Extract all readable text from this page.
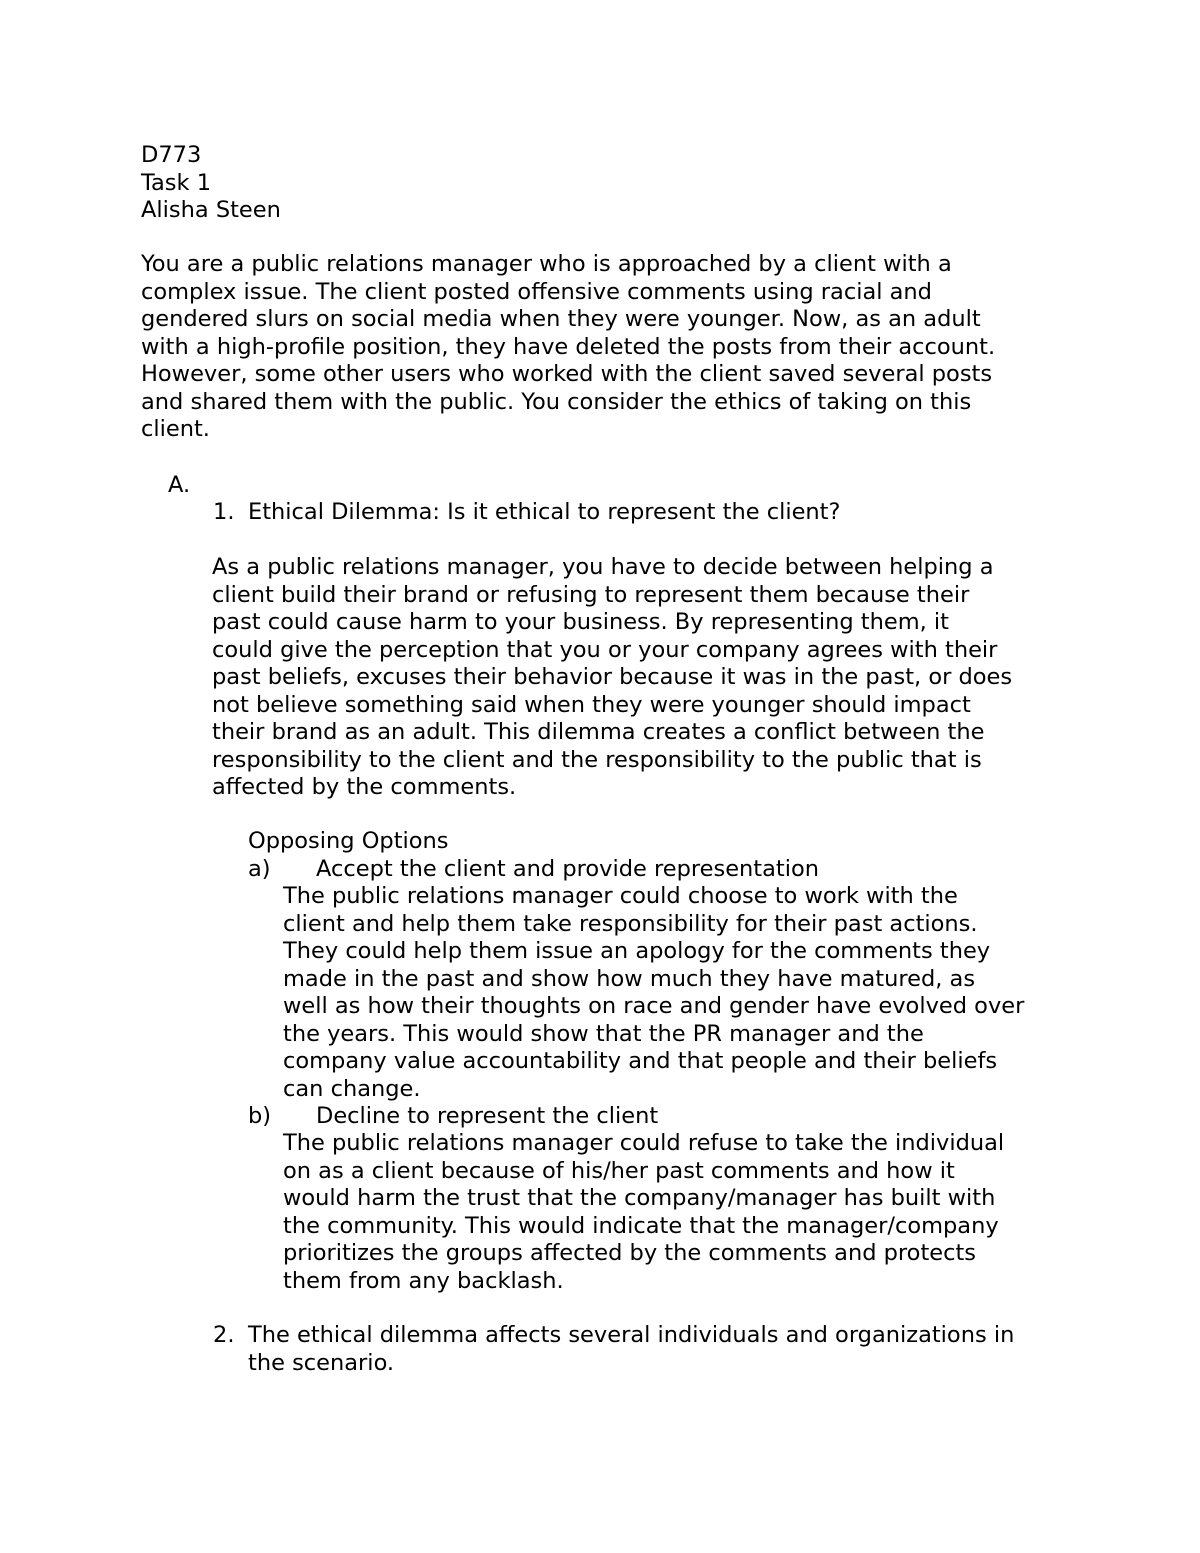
D773
Task 1
Alisha Steen
You are a public relations manager who is approached by a client with a
complex issue. The client posted offensive comments using racial and
gendered slurs on social media when they were younger. Now, as an adult
with a high-profile position, they have deleted the posts from their account.
However, some other users who worked with the client saved several posts
and shared them with the public. You consider the ethics of taking on this
client.
A.
1. Ethical Dilemma: Is it ethical to represent the client?
As a public relations manager, you have to decide between helping a
client build their brand or refusing to represent them because their
past could cause harm to your business. By representing them, it
could give the perception that you or your company agrees with their
past beliefs, excuses their behavior because it was in the past, or does
not believe something said when they were younger should impact
their brand as an adult. This dilemma creates a conflict between the
responsibility to the client and the responsibility to the public that is
affected by the comments.
Opposing Options
a) Accept the client and provide representation
The public relations manager could choose to work with the
client and help them take responsibility for their past actions.
They could help them issue an apology for the comments they
made in the past and show how much they have matured, as
well as how their thoughts on race and gender have evolved over
the years. This would show that the PR manager and the
company value accountability and that people and their beliefs
can change.
b) Decline to represent the client
The public relations manager could refuse to take the individual
on as a client because of his/her past comments and how it
would harm the trust that the company/manager has built with
the community. This would indicate that the manager/company
prioritizes the groups affected by the comments and protects
them from any backlash.
2. The ethical dilemma affects several individuals and organizations in
the scenario.
